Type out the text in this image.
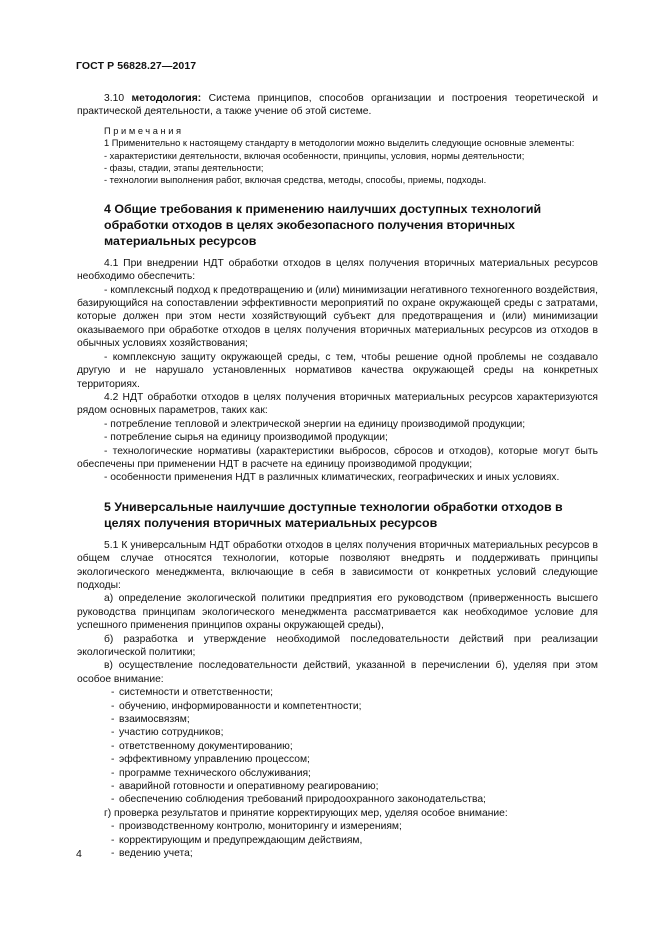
ГОСТ Р 56828.27—2017

3.10 методология: Система принципов, способов организации и построения теоретической и практической деятельности, а также учение об этой системе.

Примечания

1 Применительно к настоящему стандарту в методологии можно выделить следующие основные элементы:

- характеристики деятельности, включая особенности, принципы, условия, нормы деятельности;

- фазы, стадии, этапы деятельности;

- технологии выполнения работ, включая средства, методы, способы, приемы, подходы.

4 Общие требования к применению наилучших доступных технологий обработки отходов в целях экобезопасного получения вторичных материальных ресурсов

4.1 При внедрении НДТ обработки отходов в целях получения вторичных материальных ресурсов необходимо обеспечить:

- комплексный подход к предотвращению и (или) минимизации негативного техногенного воздействия, базирующийся на сопоставлении эффективности мероприятий по охране окружающей среды с затратами, которые должен при этом нести хозяйствующий субъект для предотвращения и (или) минимизации оказываемого при обработке отходов в целях получения вторичных материальных ресурсов из отходов в обычных условиях хозяйствования;

- комплексную защиту окружающей среды, с тем, чтобы решение одной проблемы не создавало другую и не нарушало установленных нормативов качества окружающей среды на конкретных территориях.

4.2 НДТ обработки отходов в целях получения вторичных материальных ресурсов характеризуются рядом основных параметров, таких как:

- потребление тепловой и электрической энергии на единицу производимой продукции;

- потребление сырья на единицу производимой продукции;

- технологические нормативы (характеристики выбросов, сбросов и отходов), которые могут быть обеспечены при применении НДТ в расчете на единицу производимой продукции;

- особенности применения НДТ в различных климатических, географических и иных условиях.

5 Универсальные наилучшие доступные технологии обработки отходов в целях получения вторичных материальных ресурсов

5.1 К универсальным НДТ обработки отходов в целях получения вторичных материальных ресурсов в общем случае относятся технологии, которые позволяют внедрять и поддерживать принципы экологического менеджмента, включающие в себя в зависимости от конкретных условий следующие подходы:

а) определение экологической политики предприятия его руководством (приверженность высшего руководства принципам экологического менеджмента рассматривается как необходимое условие для успешного применения принципов охраны окружающей среды),

б) разработка и утверждение необходимой последовательности действий при реализации экологической политики;

в) осуществление последовательности действий, указанной в перечислении б), уделяя при этом особое внимание:

- системности и ответственности;
- обучению, информированности и компетентности;
- взаимосвязям;
- участию сотрудников;
- ответственному документированию;
- эффективному управлению процессом;
- программе технического обслуживания;
- аварийной готовности и оперативному реагированию;
- обеспечению соблюдения требований природоохранного законодательства;

г) проверка результатов и принятие корректирующих мер, уделяя особое внимание:

- производственному контролю, мониторингу и измерениям;
- корректирующим и предупреждающим действиям,
- ведению учета;
4
